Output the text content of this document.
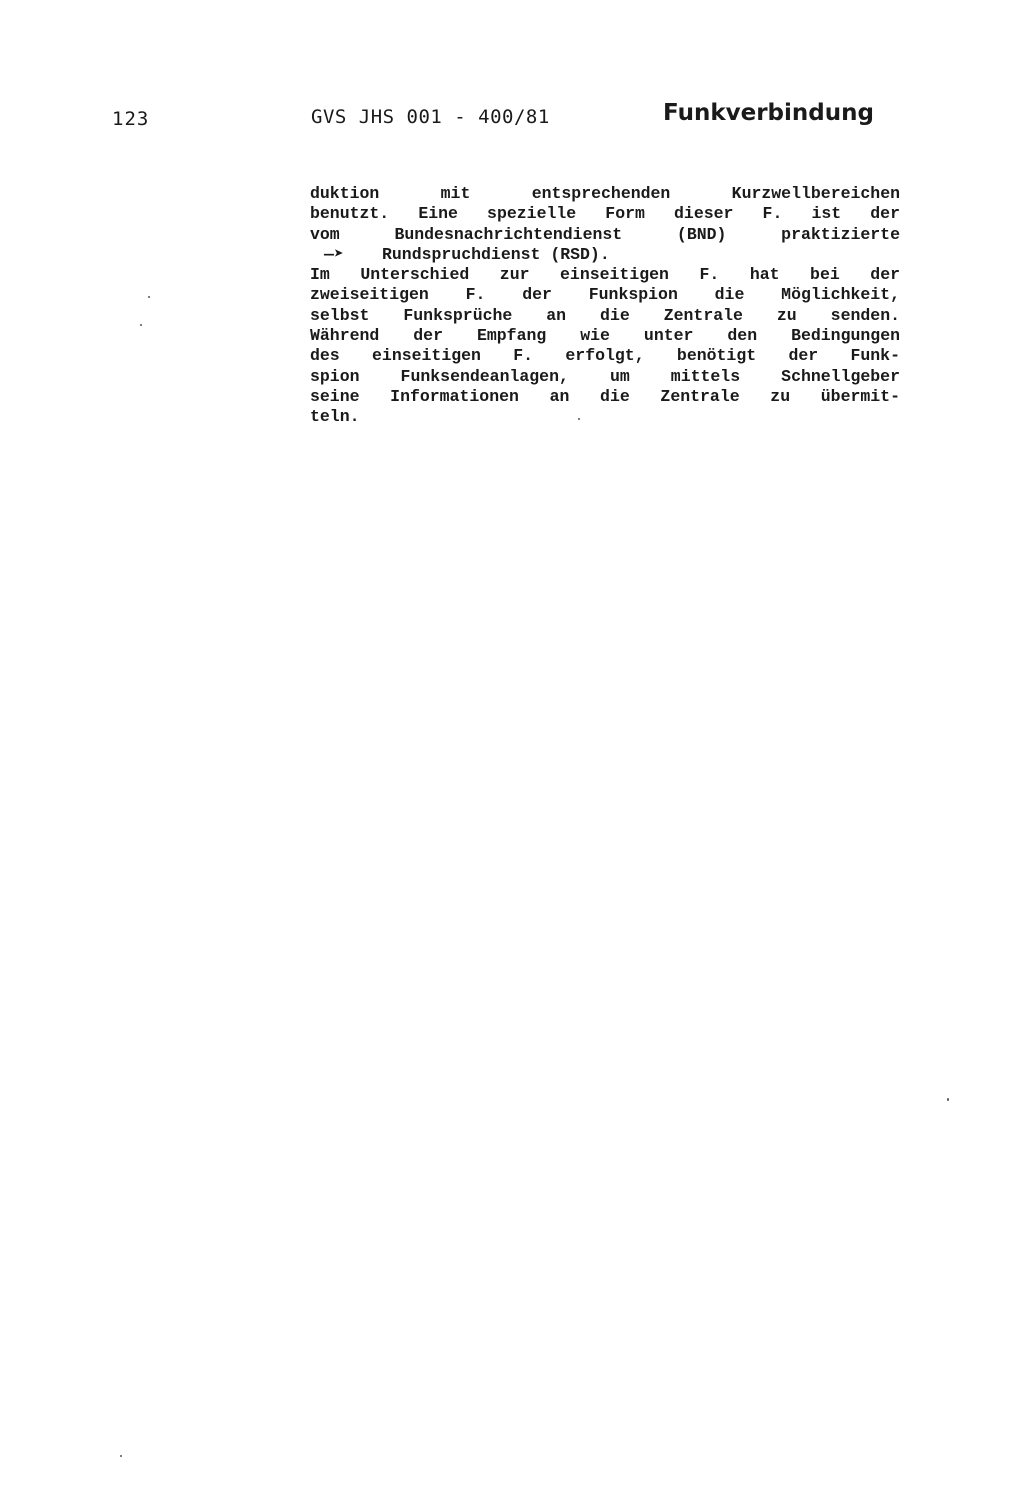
123	GVS JHS 001 - 400/81	Funkverbindung
duktion mit entsprechenden Kurzwellbereichen
benutzt. Eine spezielle Form dieser F. ist der
vom Bundesnachrichtendienst (BND) praktizierte
—➤ Rundspruchdienst (RSD).
Im Unterschied zur einseitigen F. hat bei der
zweiseitigen F. der Funkspion die Möglichkeit,
selbst Funksprüche an die Zentrale zu senden.
Während der Empfang wie unter den Bedingungen
des einseitigen F. erfolgt, benötigt der Funk-
spion Funksendeanlagen, um mittels Schnellgeber
seine Informationen an die Zentrale zu übermit-
teln.
